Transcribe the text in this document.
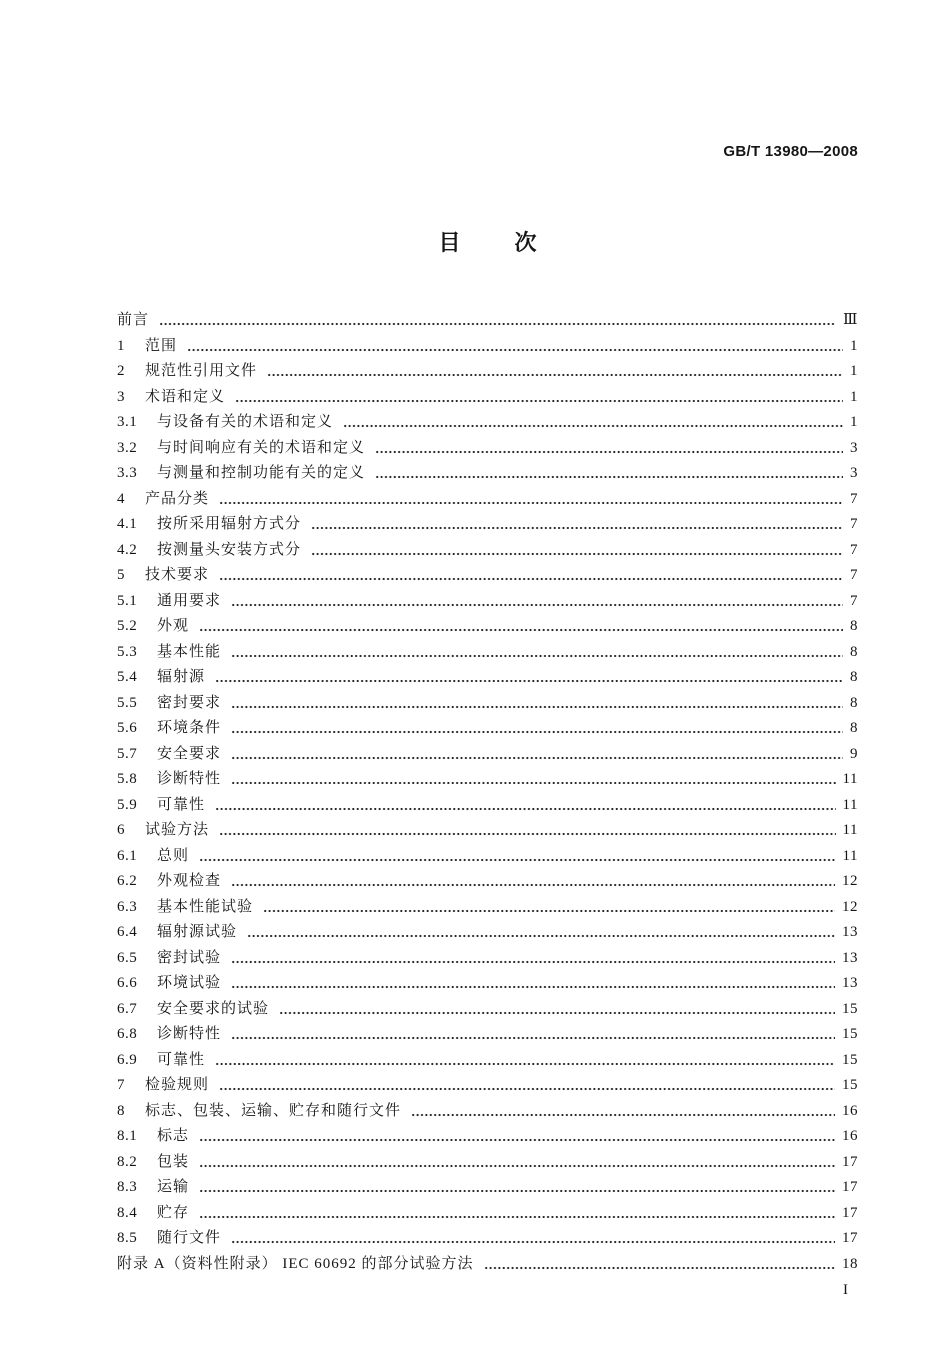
GB/T 13980—2008
目次
前言	Ⅲ
1	范围	1
2	规范性引用文件	1
3	术语和定义	1
3.1	与设备有关的术语和定义	1
3.2	与时间响应有关的术语和定义	3
3.3	与测量和控制功能有关的定义	3
4	产品分类	7
4.1	按所采用辐射方式分	7
4.2	按测量头安装方式分	7
5	技术要求	7
5.1	通用要求	7
5.2	外观	8
5.3	基本性能	8
5.4	辐射源	8
5.5	密封要求	8
5.6	环境条件	8
5.7	安全要求	9
5.8	诊断特性	11
5.9	可靠性	11
6	试验方法	11
6.1	总则	11
6.2	外观检查	12
6.3	基本性能试验	12
6.4	辐射源试验	13
6.5	密封试验	13
6.6	环境试验	13
6.7	安全要求的试验	15
6.8	诊断特性	15
6.9	可靠性	15
7	检验规则	15
8	标志、包装、运输、贮存和随行文件	16
8.1	标志	16
8.2	包装	17
8.3	运输	17
8.4	贮存	17
8.5	随行文件	17
附录 A（资料性附录） IEC 60692 的部分试验方法	18
I
